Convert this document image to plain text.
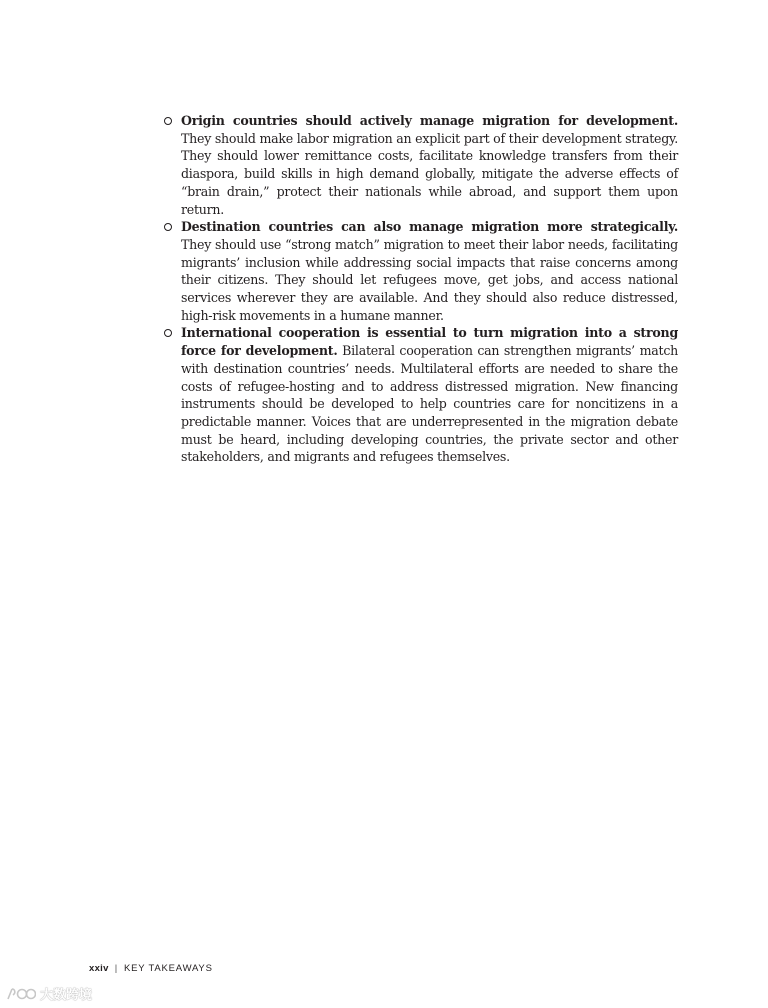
Origin countries should actively manage migration for development. They should make labor migration an explicit part of their development strategy. They should lower remittance costs, facilitate knowledge transfers from their diaspora, build skills in high demand globally, mitigate the adverse effects of “brain drain,” protect their nationals while abroad, and support them upon return.
Destination countries can also manage migration more strategically. They should use “strong match” migration to meet their labor needs, facilitating migrants’ inclusion while addressing social impacts that raise concerns among their citizens. They should let refugees move, get jobs, and access national services wherever they are available. And they should also reduce distressed, high-risk movements in a humane manner.
International cooperation is essential to turn migration into a strong force for development. Bilateral cooperation can strengthen migrants’ match with destination countries’ needs. Multilateral efforts are needed to share the costs of refugee-hosting and to address distressed migration. New financing instruments should be developed to help countries care for noncitizens in a predictable manner. Voices that are underrepresented in the migration debate must be heard, including developing countries, the private sector and other stakeholders, and migrants and refugees themselves.
xxiv | KEY TAKEAWAYS
大数跨境
